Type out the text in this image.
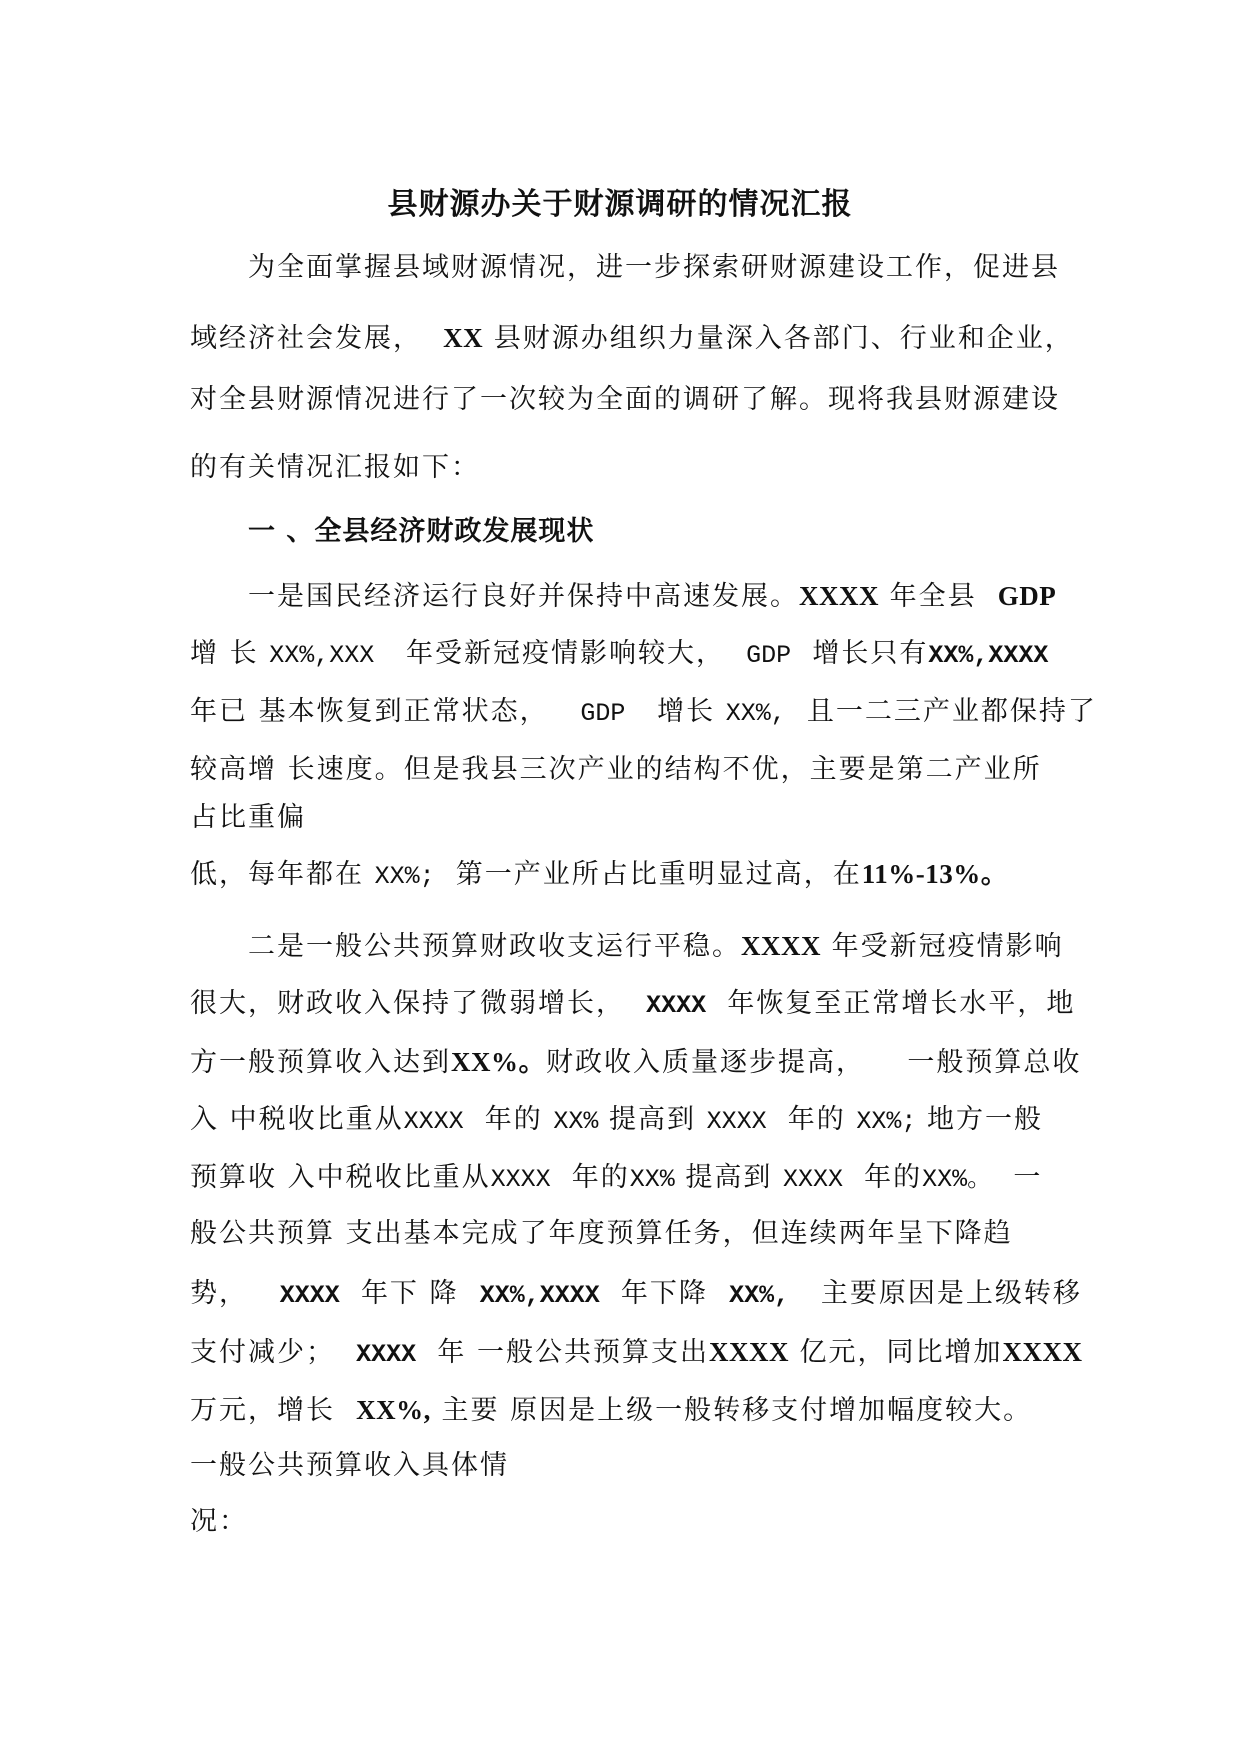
县财源办关于财源调研的情况汇报
为全面掌握县域财源情况，进一步探索研财源建设工作，促进县
域经济社会发展， XX 县财源办组织力量深入各部门、行业和企业，
对全县财源情况进行了一次较为全面的调研了解。现将我县财源建设
的有关情况汇报如下：
一 、全县经济财政发展现状
一是国民经济运行良好并保持中高速发展。XXXX 年全县 GDP
增 长 XX%,XXX 年受新冠疫情影响较大， GDP 增长只有XX%,XXXX
年已 基本恢复到正常状态， GDP 增长 XX%, 且一二三产业都保持了
较高增 长速度。但是我县三次产业的结构不优，主要是第二产业所
占比重偏
低，每年都在 XX%; 第一产业所占比重明显过高，在11%-13%。
二是一般公共预算财政收支运行平稳。XXXX 年受新冠疫情影响
很大，财政收入保持了微弱增长， XXXX 年恢复至正常增长水平，地
方一般预算收入达到XX%。财政收入质量逐步提高， 一般预算总收
入 中税收比重从XXXX 年的 XX% 提高到 XXXX 年的 XX%; 地方一般
预算收 入中税收比重从XXXX 年的XX% 提高到 XXXX 年的XX%。 一
般公共预算 支出基本完成了年度预算任务，但连续两年呈下降趋
势， XXXX 年下 降 XX%,XXXX 年下降 XX%, 主要原因是上级转移
支付减少； XXXX 年 一般公共预算支出XXXX 亿元，同比增加XXXX
万元，增长 XX%, 主要 原因是上级一般转移支付增加幅度较大。
一般公共预算收入具体情
况：
